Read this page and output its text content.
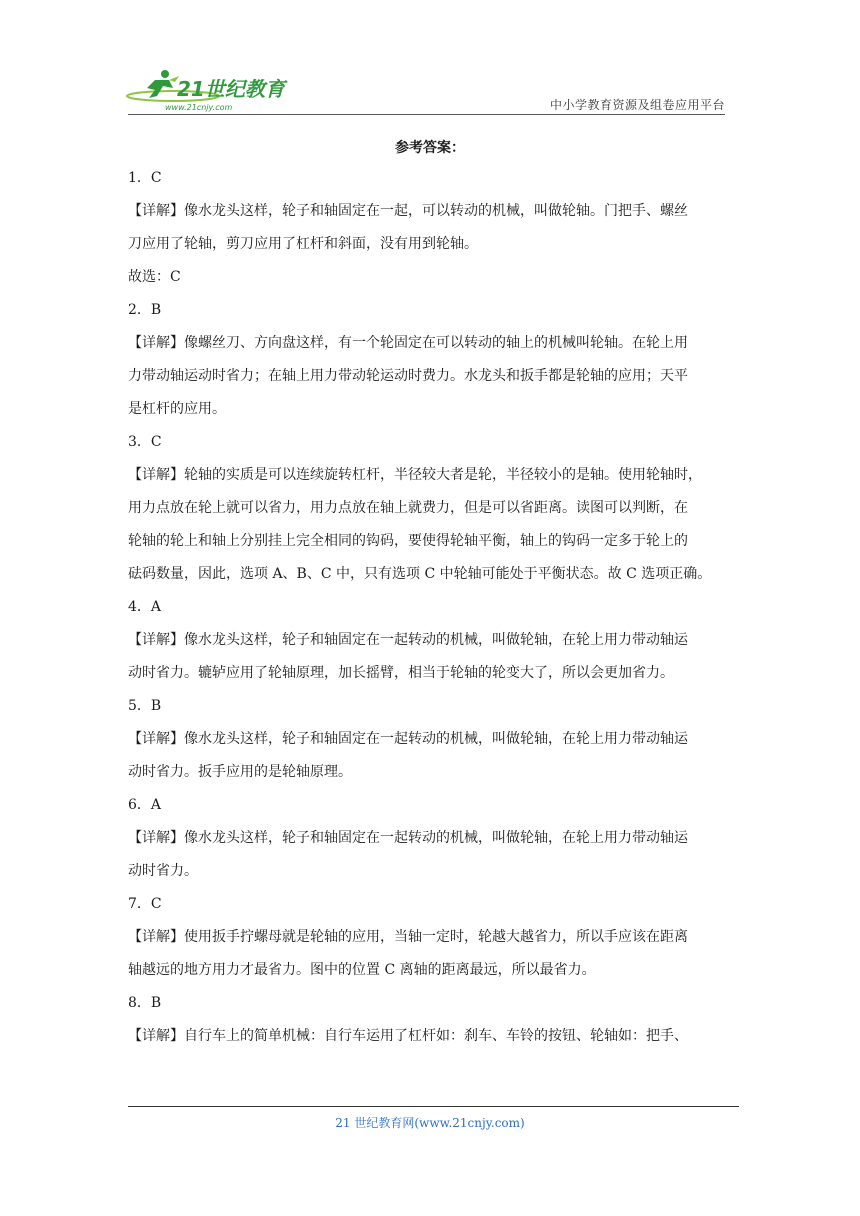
21世纪教育
www.21cnjy.com	中小学教育资源及组卷应用平台
参考答案：

1．C

【详解】像水龙头这样，轮子和轴固定在一起，可以转动的机械，叫做轮轴。门把手、螺丝

刀应用了轮轴，剪刀应用了杠杆和斜面，没有用到轮轴。

故选：C

2．B

【详解】像螺丝刀、方向盘这样，有一个轮固定在可以转动的轴上的机械叫轮轴。在轮上用

力带动轴运动时省力；在轴上用力带动轮运动时费力。水龙头和扳手都是轮轴的应用；天平

是杠杆的应用。

3．C

【详解】轮轴的实质是可以连续旋转杠杆，半径较大者是轮，半径较小的是轴。使用轮轴时，

用力点放在轮上就可以省力，用力点放在轴上就费力，但是可以省距离。读图可以判断，在

轮轴的轮上和轴上分别挂上完全相同的钩码，要使得轮轴平衡，轴上的钩码一定多于轮上的

砝码数量，因此，选项 A、B、C 中，只有选项 C 中轮轴可能处于平衡状态。故 C 选项正确。

4．A

【详解】像水龙头这样，轮子和轴固定在一起转动的机械，叫做轮轴，在轮上用力带动轴运

动时省力。辘轳应用了轮轴原理，加长摇臂，相当于轮轴的轮变大了，所以会更加省力。

5．B

【详解】像水龙头这样，轮子和轴固定在一起转动的机械，叫做轮轴，在轮上用力带动轴运

动时省力。扳手应用的是轮轴原理。

6．A

【详解】像水龙头这样，轮子和轴固定在一起转动的机械，叫做轮轴，在轮上用力带动轴运

动时省力。

7．C

【详解】使用扳手拧螺母就是轮轴的应用，当轴一定时，轮越大越省力，所以手应该在距离

轴越远的地方用力才最省力。图中的位置 C 离轴的距离最远，所以最省力。

8．B

【详解】自行车上的简单机械：自行车运用了杠杆如：刹车、车铃的按钮、轮轴如：把手、

21 世纪教育网(www.21cnjy.com)
